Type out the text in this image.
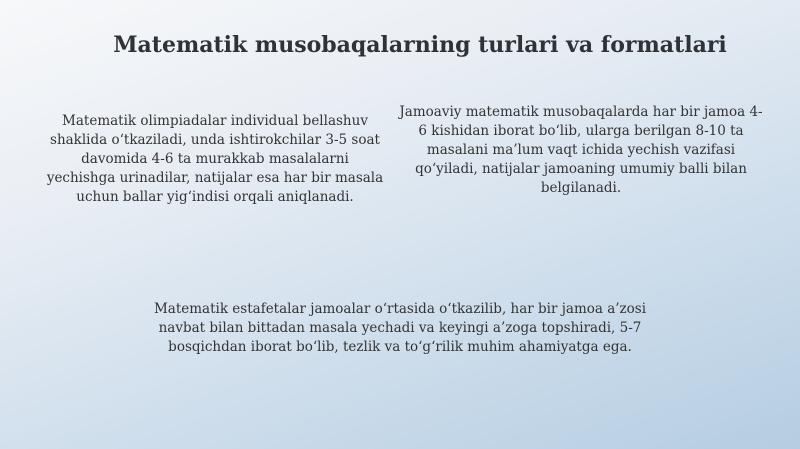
Matematik musobaqalarning turlari va formatlari

Matematik olimpiadalar individual bellashuv shaklida o‘tkaziladi, unda ishtirokchilar 3-5 soat davomida 4-6 ta murakkab masalalarni yechishga urinadilar, natijalar esa har bir masala uchun ballar yig‘indisi orqali aniqlanadi.

Jamoaviy matematik musobaqalarda har bir jamoa 4-6 kishidan iborat bo‘lib, ularga berilgan 8-10 ta masalani ma’lum vaqt ichida yechish vazifasi qo‘yiladi, natijalar jamoaning umumiy balli bilan belgilanadi.

Matematik estafetalar jamoalar o‘rtasida o‘tkazilib, har bir jamoa a’zosi navbat bilan bittadan masala yechadi va keyingi a’zoga topshiradi, 5-7 bosqichdan iborat bo‘lib, tezlik va to‘g‘rilik muhim ahamiyatga ega.
